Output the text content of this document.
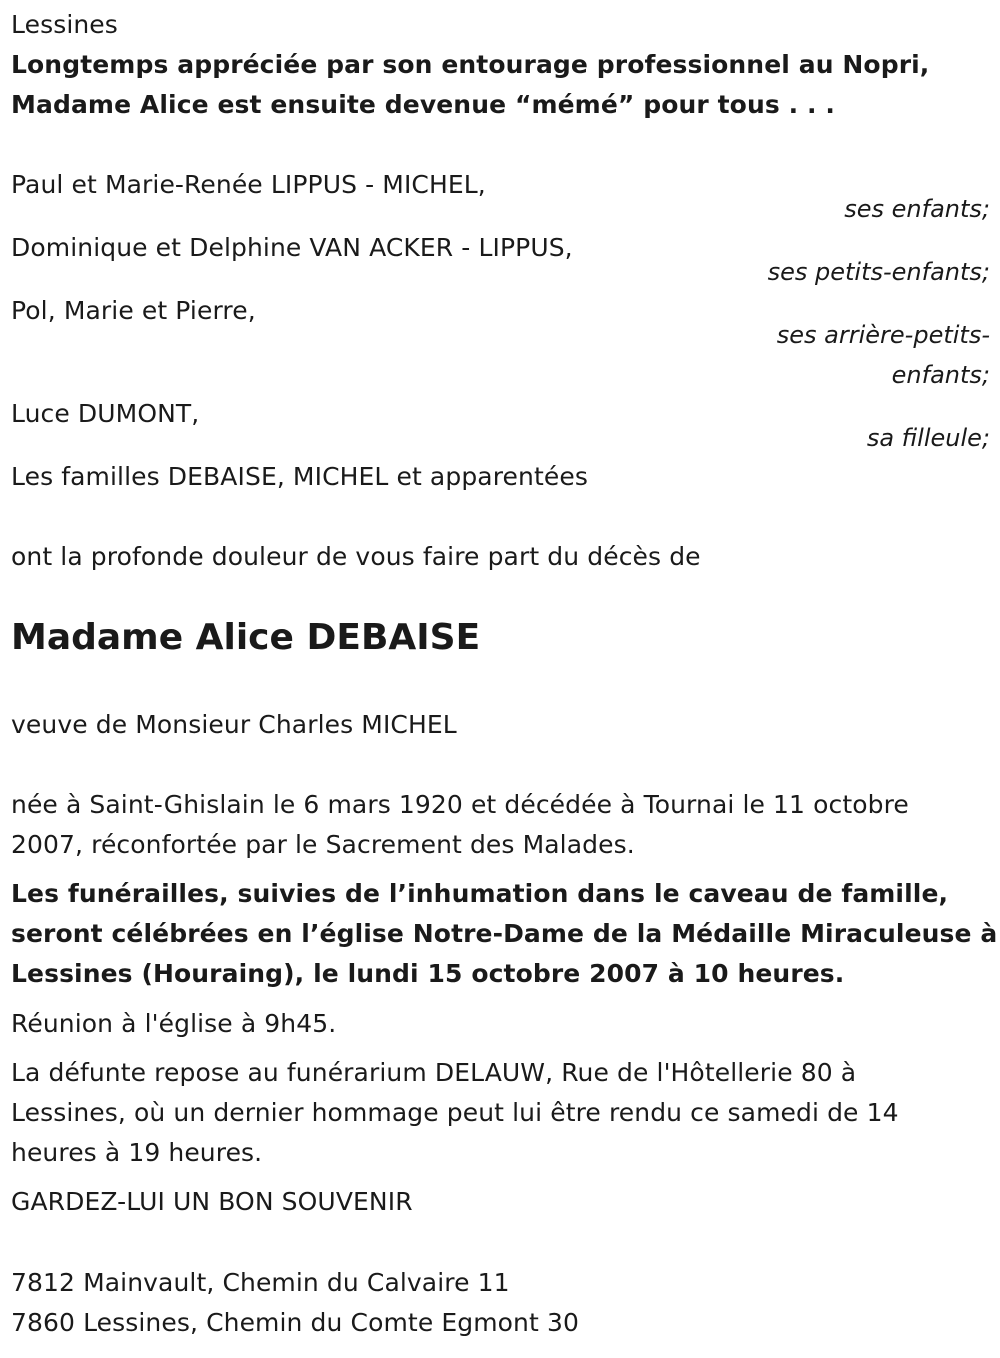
Lessines
Longtemps appréciée par son entourage professionnel au Nopri,
Madame Alice est ensuite devenue “mémé” pour tous . . .
Paul et Marie-Renée LIPPUS - MICHEL,
ses enfants;
Dominique et Delphine VAN ACKER - LIPPUS,
ses petits-enfants;
Pol, Marie et Pierre,
ses arrière-petits-
enfants;
Luce DUMONT,
sa filleule;
Les familles DEBAISE, MICHEL et apparentées
ont la profonde douleur de vous faire part du décès de
Madame Alice DEBAISE
veuve de Monsieur Charles MICHEL
née à Saint-Ghislain le 6 mars 1920 et décédée à Tournai le 11 octobre
2007, réconfortée par le Sacrement des Malades.
Les funérailles, suivies de l’inhumation dans le caveau de famille,
seront célébrées en l’église Notre-Dame de la Médaille Miraculeuse à
Lessines (Houraing), le lundi 15 octobre 2007 à 10 heures.
Réunion à l'église à 9h45.
La défunte repose au funérarium DELAUW, Rue de l'Hôtellerie 80 à
Lessines, où un dernier hommage peut lui être rendu ce samedi de 14
heures à 19 heures.
GARDEZ-LUI UN BON SOUVENIR
7812 Mainvault, Chemin du Calvaire 11
7860 Lessines, Chemin du Comte Egmont 30
